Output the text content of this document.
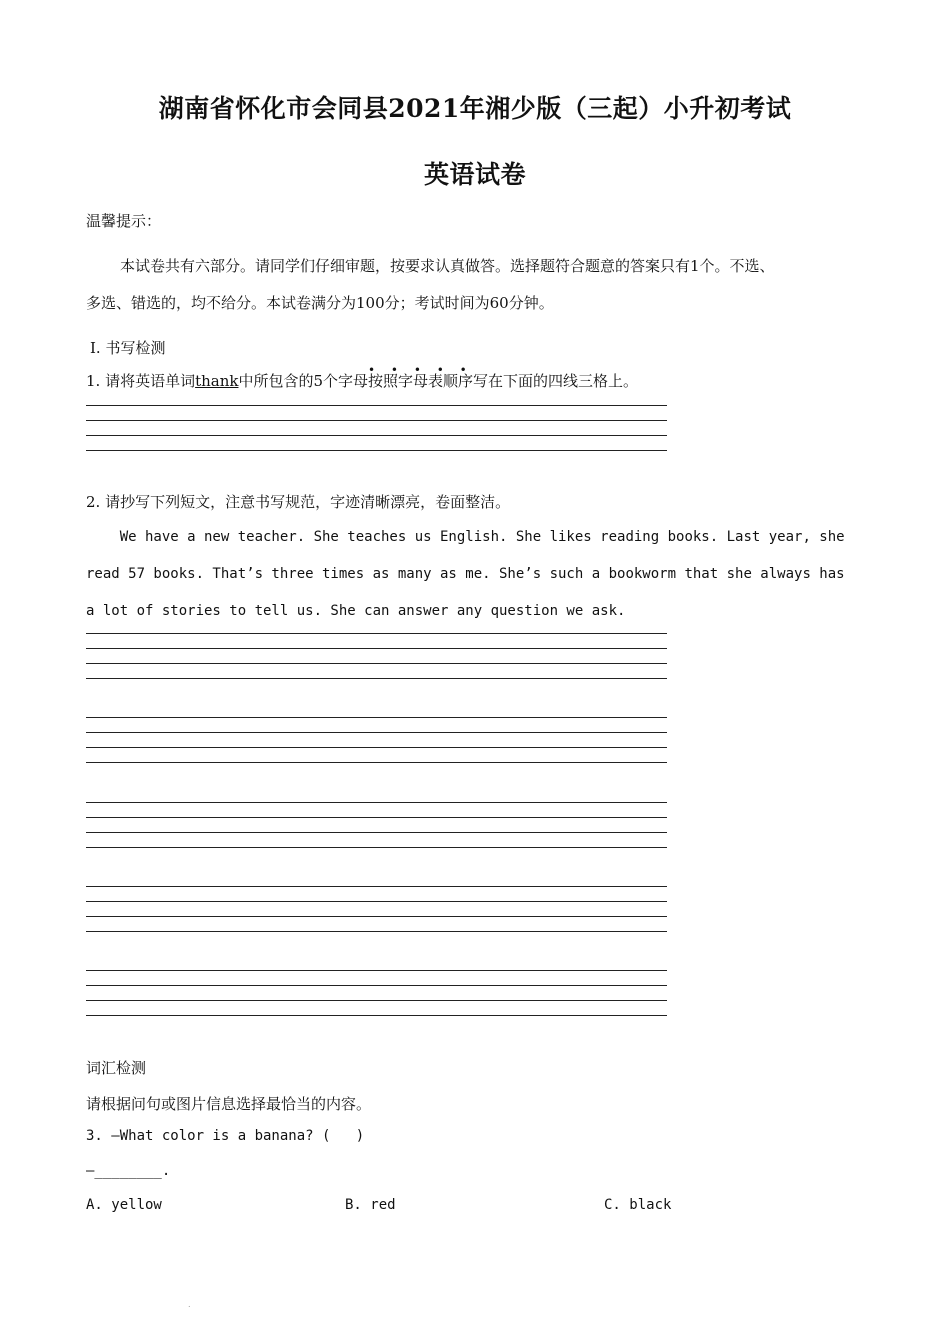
湖南省怀化市会同县2021年湘少版（三起）小升初考试
英语试卷
温馨提示：
本试卷共有六部分。请同学们仔细审题，按要求认真做答。选择题符合题意的答案只有1个。不选、
多选、错选的，均不给分。本试卷满分为100分；考试时间为60分钟。
Ⅰ. 书写检测
1. 请将英语单词thank中所包含的5个字母
• • • • •
按照字母表顺序写在下面的四线三格上。
2. 请抄写下列短文，注意书写规范，字迹清晰漂亮，卷面整洁。
We have a new teacher. She teaches us English. She likes reading books. Last year, she
read 57 books. That’s three times as many as me. She’s such a bookworm that she always has
a lot of stories to tell us. She can answer any question we ask.
词汇检测
请根据问句或图片信息选择最恰当的内容。
3. —What color is a banana? (   )
—________.
A. yellow	B. red	C. black
.
